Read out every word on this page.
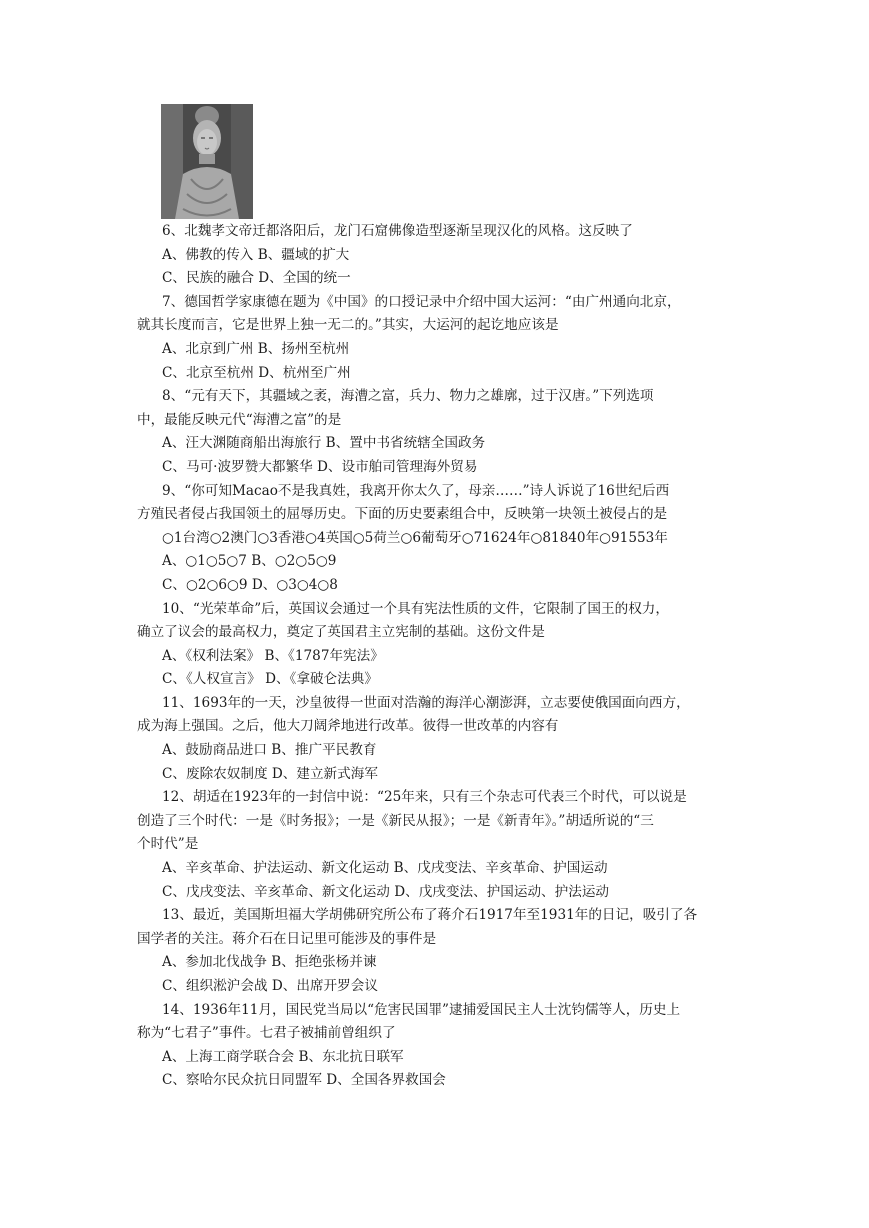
6、北魏孝文帝迁都洛阳后，龙门石窟佛像造型逐渐呈现汉化的风格。这反映了
A、佛教的传入 B、疆域的扩大
C、民族的融合 D、全国的统一
7、德国哲学家康德在题为《中国》的口授记录中介绍中国大运河：“由广州通向北京，
就其长度而言，它是世界上独一无二的。”其实，大运河的起讫地应该是
A、北京到广州 B、扬州至杭州
C、北京至杭州 D、杭州至广州
8、“元有天下，其疆域之袤，海漕之富，兵力、物力之雄廓，过于汉唐。”下列选项
中，最能反映元代“海漕之富”的是
A、汪大渊随商船出海旅行 B、置中书省统辖全国政务
C、马可·波罗赞大都繁华 D、设市舶司管理海外贸易
9、“你可知Macao不是我真姓，我离开你太久了，母亲……”诗人诉说了16世纪后西
方殖民者侵占我国领土的屈辱历史。下面的历史要素组合中，反映第一块领土被侵占的是
○1台湾○2澳门○3香港○4英国○5荷兰○6葡萄牙○71624年○81840年○91553年
A、○1○5○7 B、○2○5○9
C、○2○6○9 D、○3○4○8
10、“光荣革命”后，英国议会通过一个具有宪法性质的文件，它限制了国王的权力，
确立了议会的最高权力，奠定了英国君主立宪制的基础。这份文件是
A、《权利法案》 B、《1787年宪法》
C、《人权宣言》 D、《拿破仑法典》
11、1693年的一天，沙皇彼得一世面对浩瀚的海洋心潮澎湃，立志要使俄国面向西方，
成为海上强国。之后，他大刀阔斧地进行改革。彼得一世改革的内容有
A、鼓励商品进口 B、推广平民教育
C、废除农奴制度 D、建立新式海军
12、胡适在1923年的一封信中说：“25年来，只有三个杂志可代表三个时代，可以说是
创造了三个时代：一是《时务报》；一是《新民从报》；一是《新青年》。”胡适所说的“三
个时代”是
A、辛亥革命、护法运动、新文化运动 B、戊戌变法、辛亥革命、护国运动
C、戊戌变法、辛亥革命、新文化运动 D、戊戌变法、护国运动、护法运动
13、最近，美国斯坦福大学胡佛研究所公布了蒋介石1917年至1931年的日记，吸引了各
国学者的关注。蒋介石在日记里可能涉及的事件是
A、参加北伐战争 B、拒绝张杨并谏
C、组织淞沪会战 D、出席开罗会议
14、1936年11月，国民党当局以“危害民国罪”逮捕爱国民主人士沈钧儒等人，历史上
称为“七君子”事件。七君子被捕前曾组织了
A、上海工商学联合会 B、东北抗日联军
C、察哈尔民众抗日同盟军 D、全国各界救国会
